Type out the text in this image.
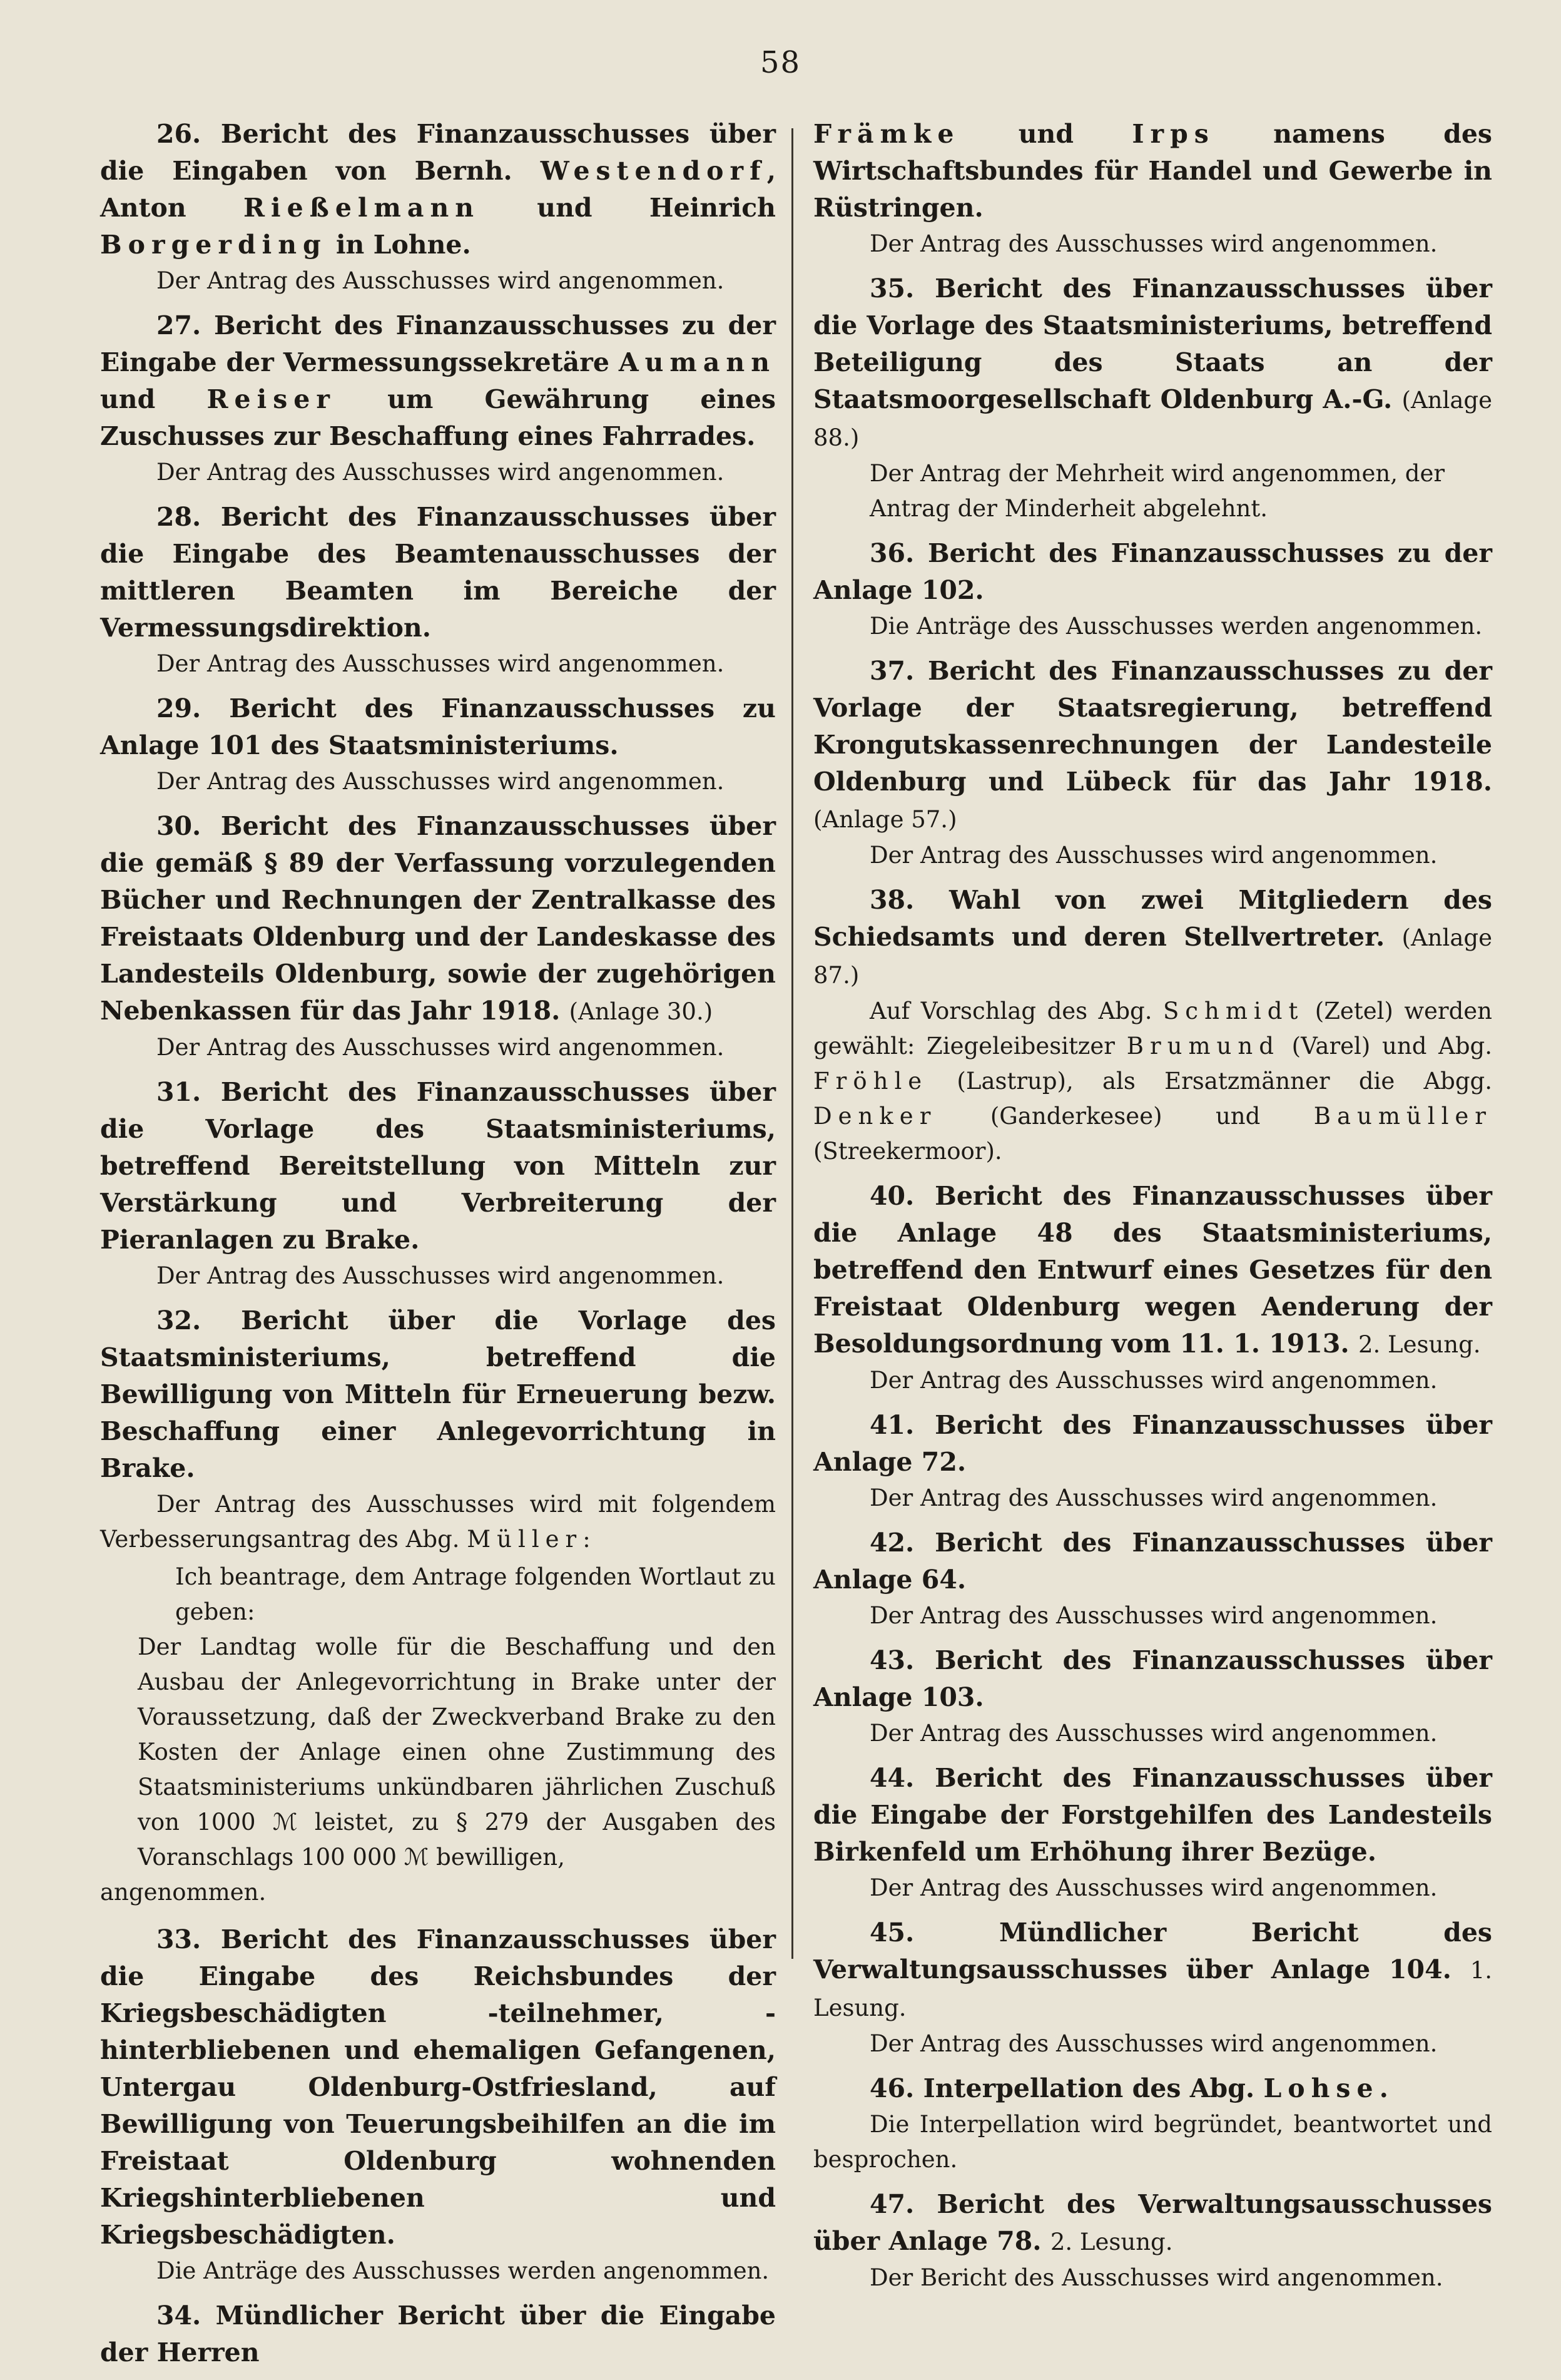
58

26. Bericht des Finanzausschusses über die Eingaben von Bernh. Westendorf, Anton Rießelmann und Heinrich Borgerding in Lohne.

Der Antrag des Ausschusses wird angenommen.

27. Bericht des Finanzausschusses zu der Eingabe der Vermessungssekretäre Aumann und Reiser um Gewährung eines Zuschusses zur Beschaffung eines Fahrrades.

Der Antrag des Ausschusses wird angenommen.

28. Bericht des Finanzausschusses über die Eingabe des Beamtenausschusses der mittleren Beamten im Bereiche der Vermessungsdirektion.

Der Antrag des Ausschusses wird angenommen.

29. Bericht des Finanzausschusses zu Anlage 101 des Staatsministeriums.

Der Antrag des Ausschusses wird angenommen.

30. Bericht des Finanzausschusses über die gemäß § 89 der Verfassung vorzulegenden Bücher und Rechnungen der Zentralkasse des Freistaats Oldenburg und der Landeskasse des Landesteils Oldenburg, sowie der zugehörigen Nebenkassen für das Jahr 1918. (Anlage 30.)

Der Antrag des Ausschusses wird angenommen.

31. Bericht des Finanzausschusses über die Vorlage des Staatsministeriums, betreffend Bereitstellung von Mitteln zur Verstärkung und Verbreiterung der Pieranlagen zu Brake.

Der Antrag des Ausschusses wird angenommen.

32. Bericht über die Vorlage des Staatsministeriums, betreffend die Bewilligung von Mitteln für Erneuerung bezw. Beschaffung einer Anlegevorrichtung in Brake.

Der Antrag des Ausschusses wird mit folgendem Verbesserungsantrag des Abg. Müller:

Ich beantrage, dem Antrage folgenden Wortlaut zu geben:

Der Landtag wolle für die Beschaffung und den Ausbau der Anlegevorrichtung in Brake unter der Voraussetzung, daß der Zweckverband Brake zu den Kosten der Anlage einen ohne Zustimmung des Staatsministeriums unkündbaren jährlichen Zuschuß von 1000 ℳ leistet, zu § 279 der Ausgaben des Voranschlags 100 000 ℳ bewilligen,

angenommen.

33. Bericht des Finanzausschusses über die Eingabe des Reichsbundes der Kriegsbeschädigten -teilnehmer, -hinterbliebenen und ehemaligen Gefangenen, Untergau Oldenburg-Ostfriesland, auf Bewilligung von Teuerungsbeihilfen an die im Freistaat Oldenburg wohnenden Kriegshinterbliebenen und Kriegsbeschädigten.

Die Anträge des Ausschusses werden angenommen.

34. Mündlicher Bericht über die Eingabe der Herren

Främke und Irps namens des Wirtschaftsbundes für Handel und Gewerbe in Rüstringen.

Der Antrag des Ausschusses wird angenommen.

35. Bericht des Finanzausschusses über die Vorlage des Staatsministeriums, betreffend Beteiligung des Staats an der Staatsmoorgesellschaft Oldenburg A.-G. (Anlage 88.)

Der Antrag der Mehrheit wird angenommen, der Antrag der Minderheit abgelehnt.

36. Bericht des Finanzausschusses zu der Anlage 102.

Die Anträge des Ausschusses werden angenommen.

37. Bericht des Finanzausschusses zu der Vorlage der Staatsregierung, betreffend Krongutskassenrechnungen der Landesteile Oldenburg und Lübeck für das Jahr 1918. (Anlage 57.)

Der Antrag des Ausschusses wird angenommen.

38. Wahl von zwei Mitgliedern des Schiedsamts und deren Stellvertreter. (Anlage 87.)

Auf Vorschlag des Abg. Schmidt (Zetel) werden gewählt: Ziegeleibesitzer Brumund (Varel) und Abg. Fröhle (Lastrup), als Ersatzmänner die Abgg. Denker (Ganderkesee) und Baumüller (Streekermoor).

40. Bericht des Finanzausschusses über die Anlage 48 des Staatsministeriums, betreffend den Entwurf eines Gesetzes für den Freistaat Oldenburg wegen Aenderung der Besoldungsordnung vom 11. 1. 1913. 2. Lesung.

Der Antrag des Ausschusses wird angenommen.

41. Bericht des Finanzausschusses über Anlage 72.

Der Antrag des Ausschusses wird angenommen.

42. Bericht des Finanzausschusses über Anlage 64.

Der Antrag des Ausschusses wird angenommen.

43. Bericht des Finanzausschusses über Anlage 103.

Der Antrag des Ausschusses wird angenommen.

44. Bericht des Finanzausschusses über die Eingabe der Forstgehilfen des Landesteils Birkenfeld um Erhöhung ihrer Bezüge.

Der Antrag des Ausschusses wird angenommen.

45. Mündlicher Bericht des Verwaltungsausschusses über Anlage 104. 1. Lesung.

Der Antrag des Ausschusses wird angenommen.

46. Interpellation des Abg. Lohse.

Die Interpellation wird begründet, beantwortet und besprochen.

47. Bericht des Verwaltungsausschusses über Anlage 78. 2. Lesung.

Der Bericht des Ausschusses wird angenommen.
